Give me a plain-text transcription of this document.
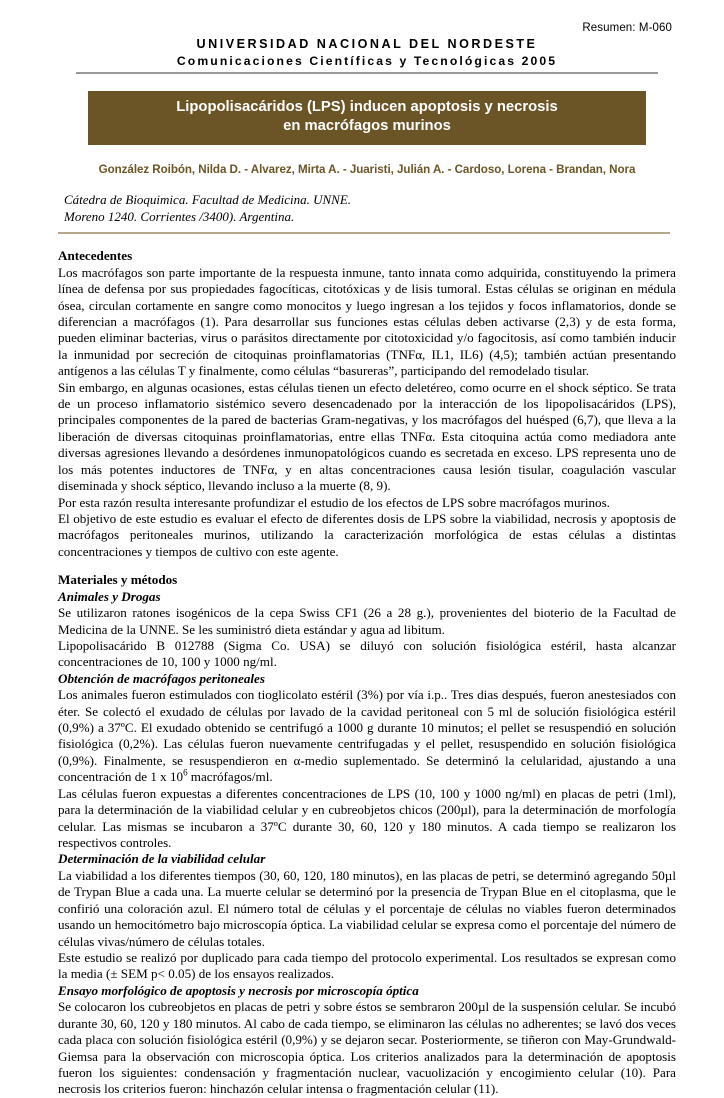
Resumen: M-060
UNIVERSIDAD NACIONAL DEL NORDESTE
Comunicaciones Científicas y Tecnológicas 2005
Lipopolisacáridos (LPS) inducen apoptosis y necrosis
en macrófagos murinos
González Roibón, Nilda D. - Alvarez, Mirta A. - Juaristi, Julián A. - Cardoso, Lorena - Brandan, Nora
Cátedra de Bioquimica. Facultad de Medicina. UNNE.
Moreno 1240. Corrientes /3400). Argentina.
Antecedentes

Los macrófagos son parte importante de la respuesta inmune, tanto innata como adquirida, constituyendo la primera línea de defensa por sus propiedades fagocíticas, citotóxicas y de lisis tumoral. Estas células se originan en médula ósea, circulan cortamente en sangre como monocitos y luego ingresan a los tejidos y focos inflamatorios, donde se diferencian a macrófagos (1). Para desarrollar sus funciones estas células deben activarse (2,3) y de esta forma, pueden eliminar bacterias, virus o parásitos directamente por citotoxicidad y/o fagocitosis, así como también inducir la inmunidad por secreción de citoquinas proinflamatorias (TNFα, IL1, IL6) (4,5); también actúan presentando antígenos a las células T y finalmente, como células “basureras”, participando del remodelado tisular.

Sin embargo, en algunas ocasiones, estas células tienen un efecto deletéreo, como ocurre en el shock séptico. Se trata de un proceso inflamatorio sistémico severo desencadenado por la interacción de los lipopolisacáridos (LPS), principales componentes de la pared de bacterias Gram-negativas, y los macrófagos del huésped (6,7), que lleva a la liberación de diversas citoquinas proinflamatorias, entre ellas TNFα. Esta citoquina actúa como mediadora ante diversas agresiones llevando a desórdenes inmunopatológicos cuando es secretada en exceso. LPS representa uno de los más potentes inductores de TNFα, y en altas concentraciones causa lesión tisular, coagulación vascular diseminada y shock séptico, llevando incluso a la muerte (8, 9).

Por esta razón resulta interesante profundizar el estudio de los efectos de LPS sobre macrófagos murinos.

El objetivo de este estudio es evaluar el efecto de diferentes dosis de LPS sobre la viabilidad, necrosis y apoptosis de macrófagos peritoneales murinos, utilizando la caracterización morfológica de estas células a distintas concentraciones y tiempos de cultivo con este agente.

Materiales y métodos
Animales y Drogas

Se utilizaron ratones isogénicos de la cepa Swiss CF1 (26 a 28 g.), provenientes del bioterio de la Facultad de Medicina de la UNNE. Se les suministró dieta estándar y agua ad libitum.

Lipopolisacárido B 012788 (Sigma Co. USA) se diluyó con solución fisiológica estéril, hasta alcanzar concentraciones de 10, 100 y 1000 ng/ml.

Obtención de macrófagos peritoneales

Los animales fueron estimulados con tioglicolato estéril (3%) por vía i.p.. Tres dias después, fueron anestesiados con éter. Se colectó el exudado de células por lavado de la cavidad peritoneal con 5 ml de solución fisiológica estéril (0,9%) a 37ºC. El exudado obtenido se centrifugó a 1000 g durante 10 minutos; el pellet se resuspendió en solución fisiológica (0,2%). Las células fueron nuevamente centrifugadas y el pellet, resuspendido en solución fisiológica (0,9%). Finalmente, se resuspendieron en α-medio suplementado. Se determinó la celularidad, ajustando a una concentración de 1 x $10^6$ macrófagos/ml.

Las células fueron expuestas a diferentes concentraciones de LPS (10, 100 y 1000 ng/ml) en placas de petri (1ml), para la determinación de la viabilidad celular y en cubreobjetos chicos (200µl), para la determinación de morfología celular. Las mismas se incubaron a 37ºC durante 30, 60, 120 y 180 minutos. A cada tiempo se realizaron los respectivos controles.

Determinación de la viabilidad celular

La viabilidad a los diferentes tiempos (30, 60, 120, 180 minutos), en las placas de petri, se determinó agregando 50µl de Trypan Blue a cada una. La muerte celular se determinó por la presencia de Trypan Blue en el citoplasma, que le confirió una coloración azul. El número total de células y el porcentaje de células no viables fueron determinados usando un hemocitómetro bajo microscopía óptica. La viabilidad celular se expresa como el porcentaje del número de células vivas/número de células totales.

Este estudio se realizó por duplicado para cada tiempo del protocolo experimental. Los resultados se expresan como la media (± SEM p< 0.05) de los ensayos realizados.

Ensayo morfológico de apoptosis y necrosis por microscopía óptica

Se colocaron los cubreobjetos en placas de petri y sobre éstos se sembraron 200µl de la suspensión celular. Se incubó durante 30, 60, 120 y 180 minutos. Al cabo de cada tiempo, se eliminaron las células no adherentes; se lavó dos veces cada placa con solución fisiológica estéril (0,9%) y se dejaron secar. Posteriormente, se tiñeron con May-Grundwald-Giemsa para la observación con microscopia óptica. Los criterios analizados para la determinación de apoptosis fueron los siguientes: condensación y fragmentación nuclear, vacuolización y encogimiento celular (10). Para necrosis los criterios fueron: hinchazón celular intensa o fragmentación celular (11).
